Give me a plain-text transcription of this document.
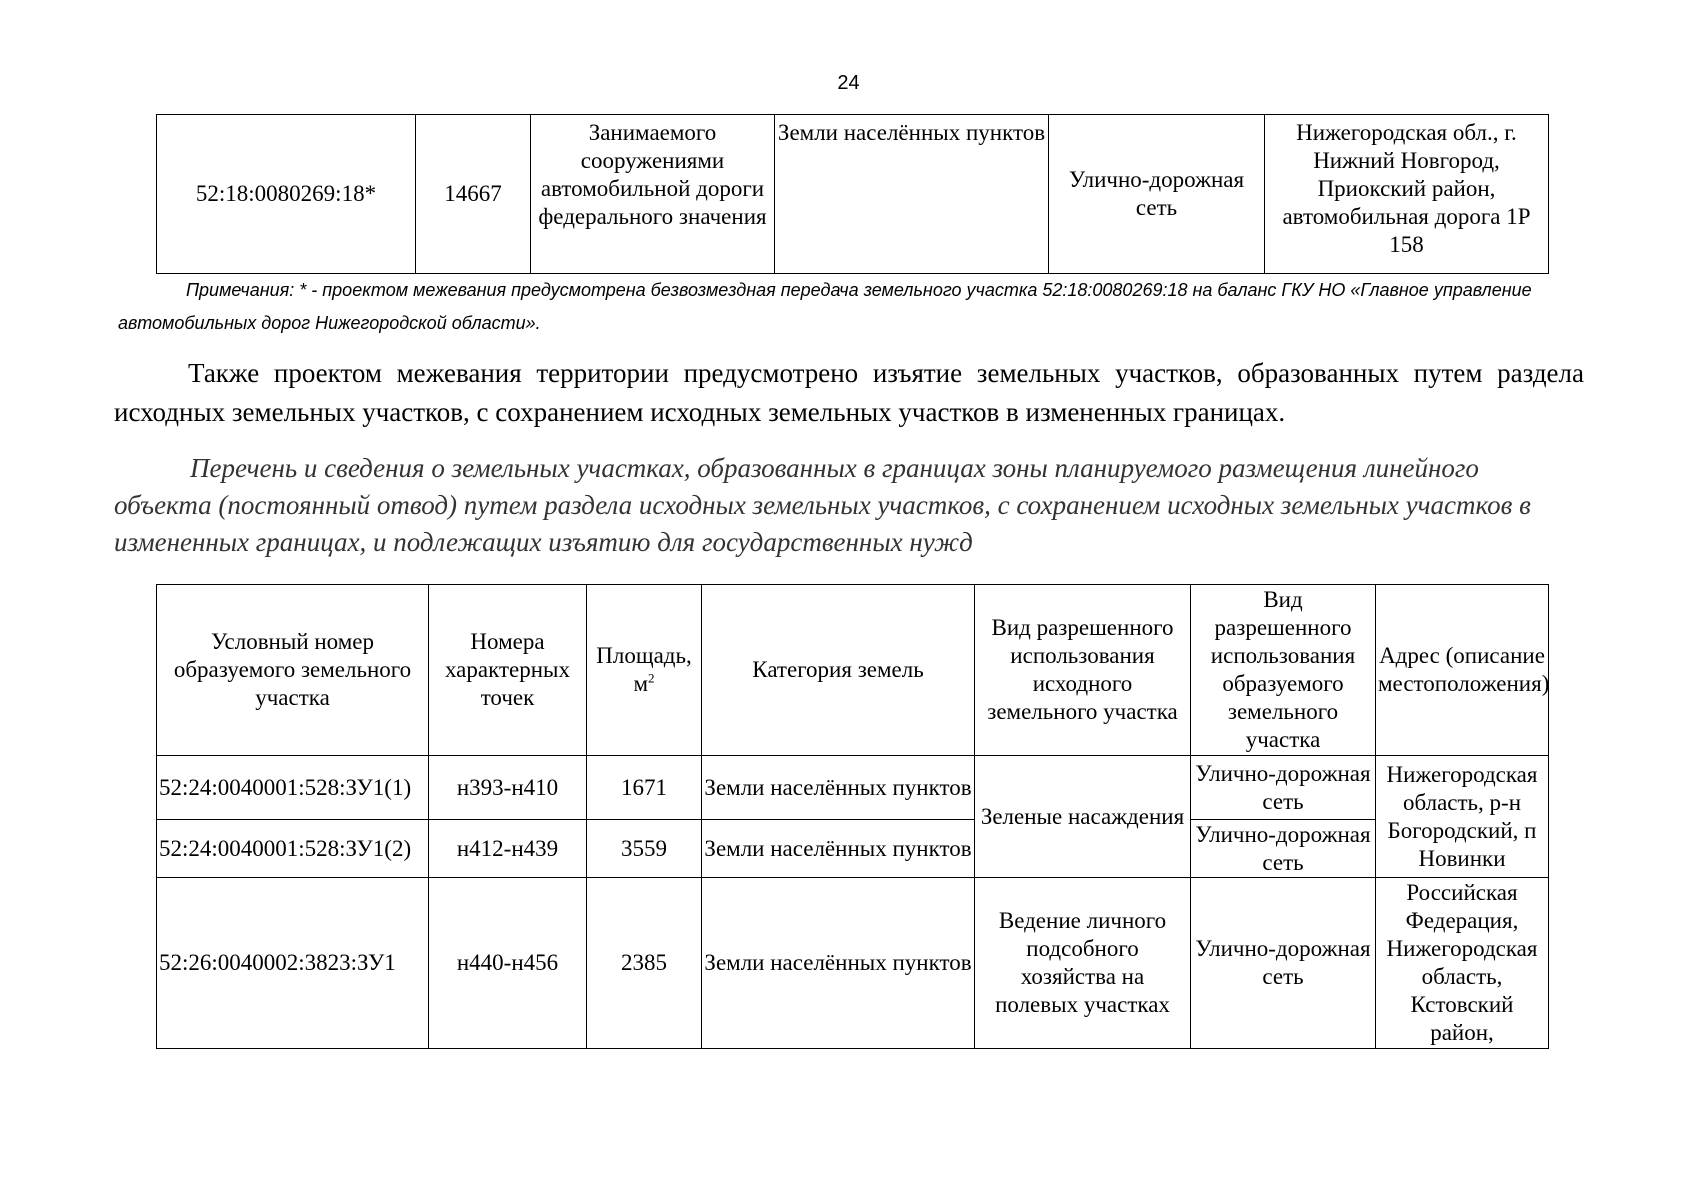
24
52:18:0080269:18*	14667	Занимаемого сооружениями автомобильной дороги федерального значения	Земли населённых пунктов	Улично-дорожная сеть	Нижегородская обл., г. Нижний Новгород, Приокский район, автомобильная дорога 1Р 158
Примечания: * - проектом межевания предусмотрена безвозмездная передача земельного участка 52:18:0080269:18 на баланс ГКУ НО «Главное управление автомобильных дорог Нижегородской области».
Также проектом межевания территории предусмотрено изъятие земельных участков, образованных путем раздела исходных земельных участков, с сохранением исходных земельных участков в измененных границах.
Перечень и сведения о земельных участках, образованных в границах зоны планируемого размещения линейного объекта (постоянный отвод) путем раздела исходных земельных участков, с сохранением исходных земельных участков в измененных границах, и подлежащих изъятию для государственных нужд
Условный номер образуемого земельного участка	Номера характерных точек	Площадь, $м^2$	Категория земель	Вид разрешенного использования исходного земельного участка	Вид разрешенного использования образуемого земельного участка	Адрес (описание местоположения)
52:24:0040001:528:ЗУ1(1)	н393-н410	1671	Земли населённых пунктов	Зеленые насаждения	Улично-дорожная сеть	Нижегородская область, р-н Богородский, п Новинки
52:24:0040001:528:ЗУ1(2)	н412-н439	3559	Земли населённых пунктов		Улично-дорожная сеть	
52:26:0040002:3823:ЗУ1	н440-н456	2385	Земли населённых пунктов	Ведение личного подсобного хозяйства на полевых участках	Улично-дорожная сеть	Российская Федерация, Нижегородская область, Кстовский район,
